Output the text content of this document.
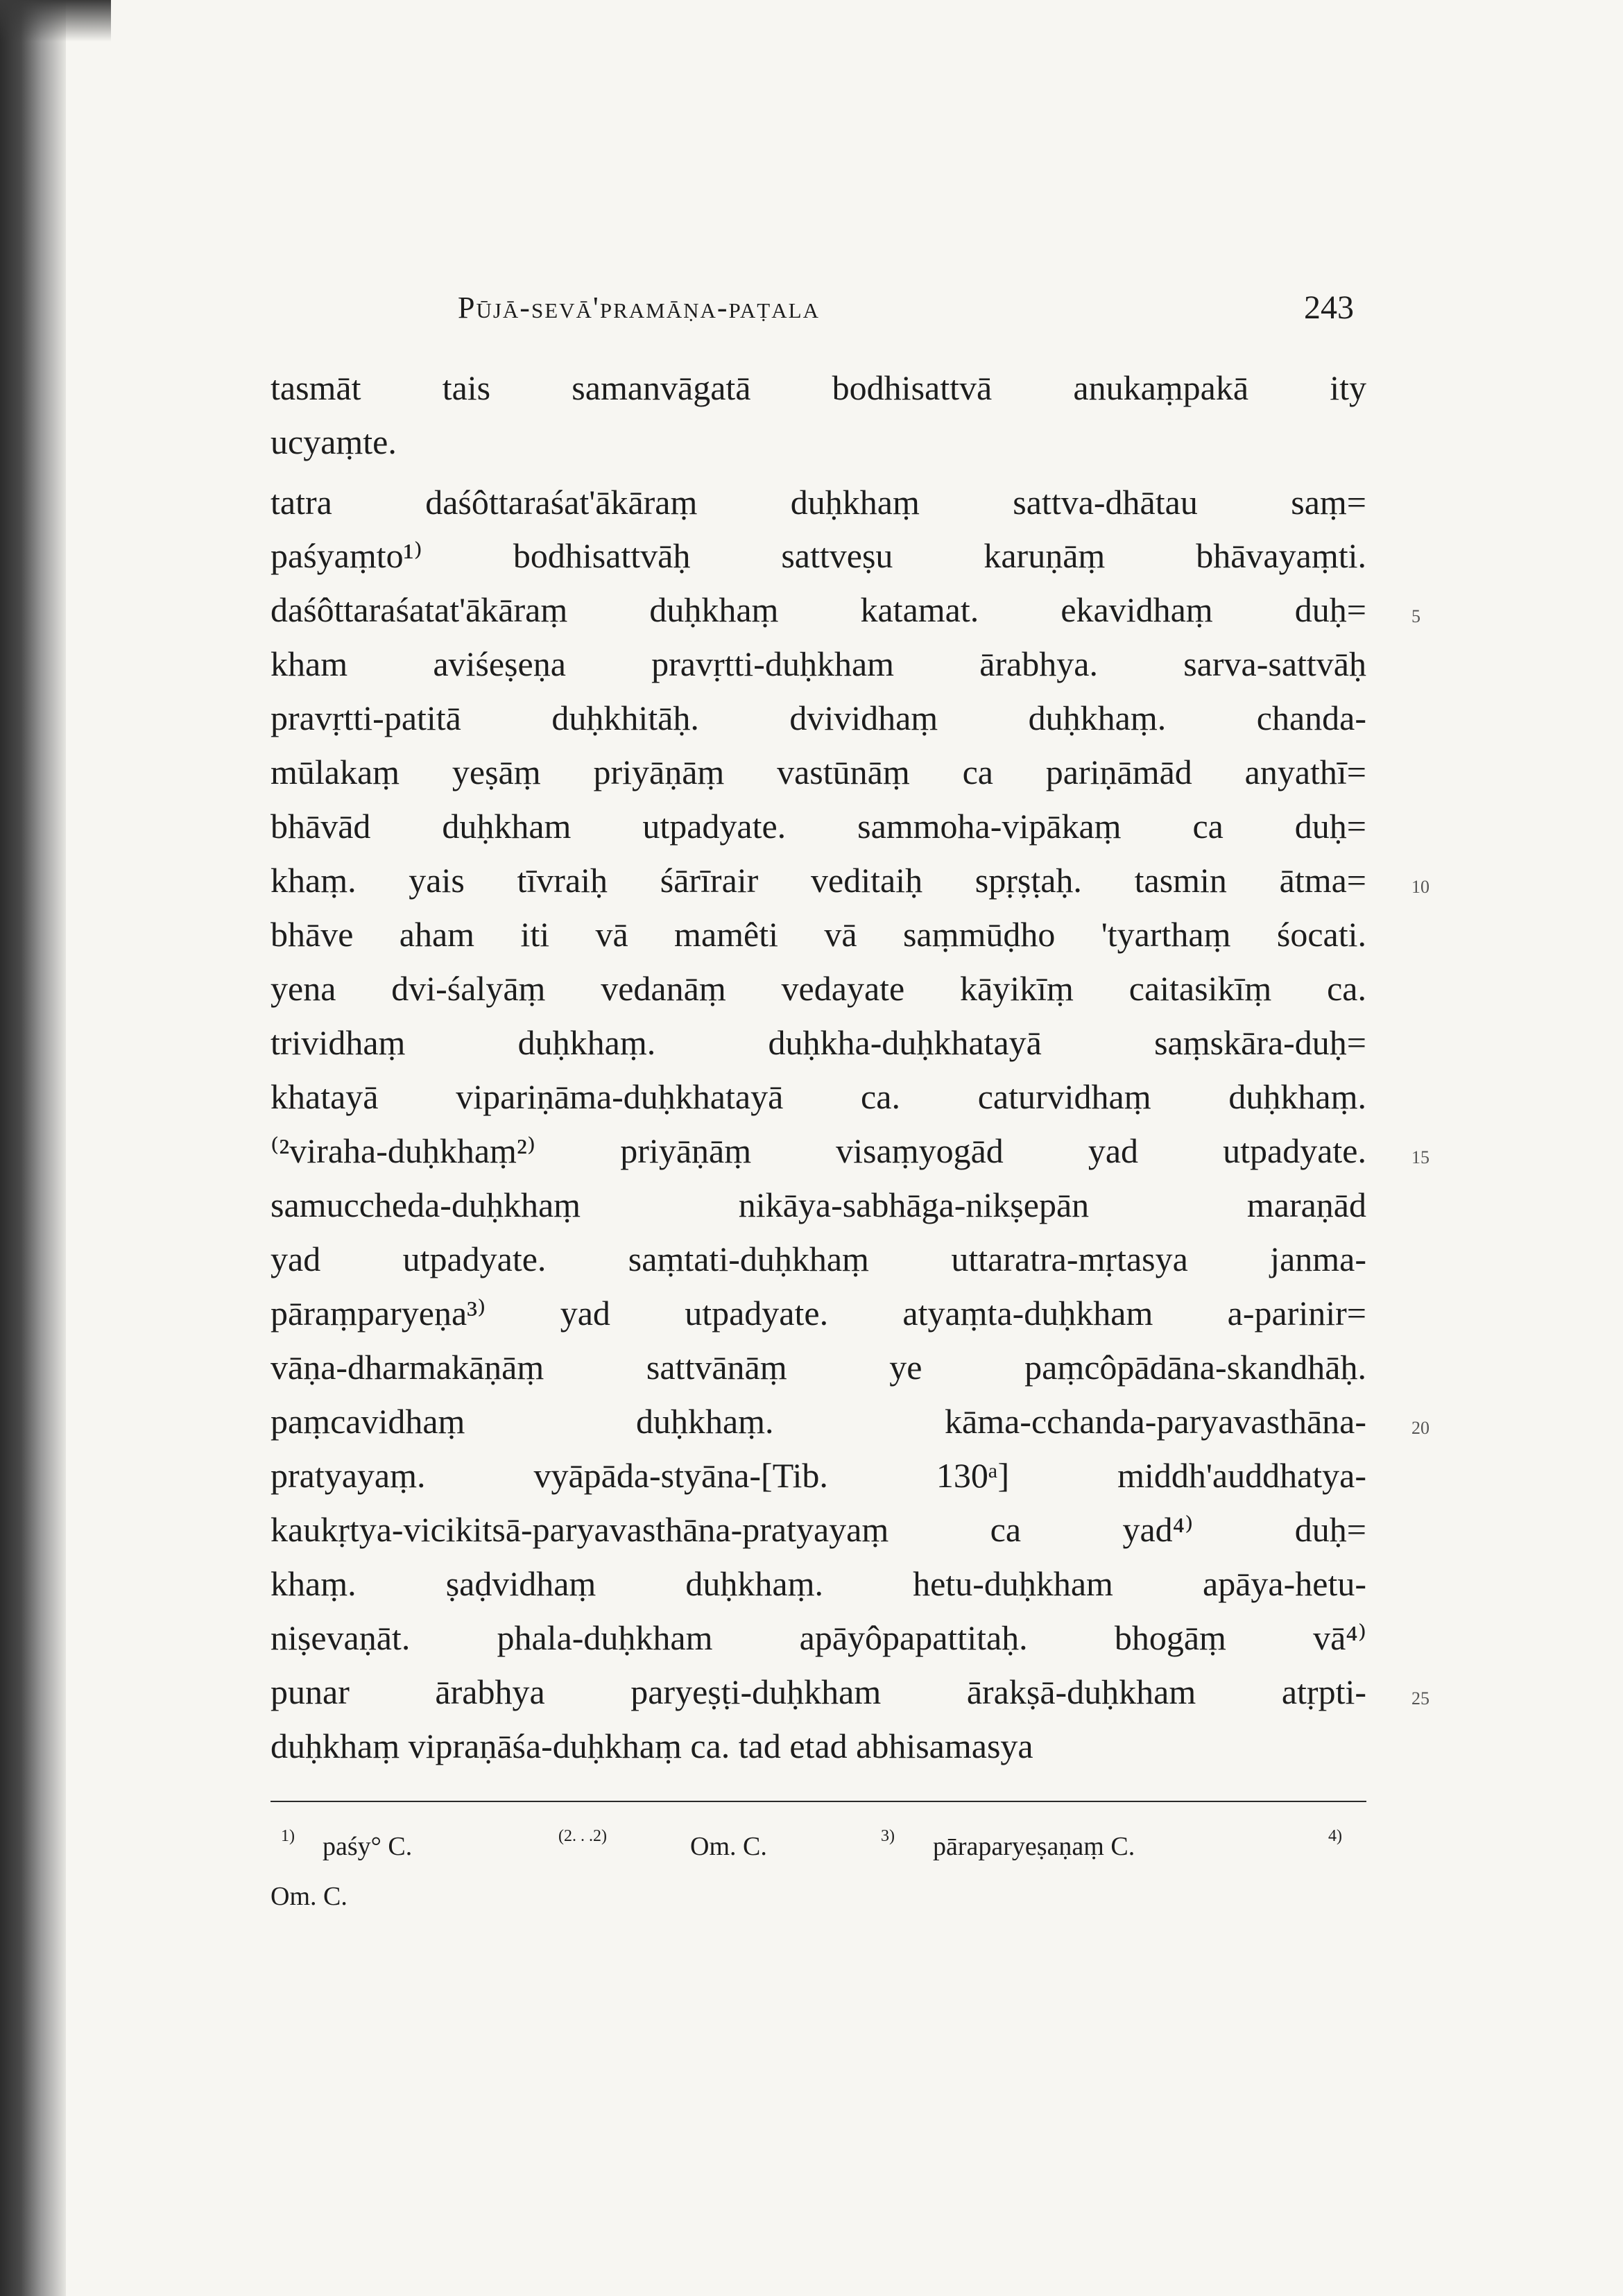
Pūjā-sevā'pramāṇa-paṭala	243
tasmāt tais samanvāgatā bodhisattvā anukaṃpakā ity
ucyaṃte.
tatra daśôttaraśat'ākāraṃ duḥkhaṃ sattva-dhātau saṃ=
paśyaṃto¹⁾ bodhisattvāḥ sattveṣu karuṇāṃ bhāvayaṃti.
daśôttaraśatat'ākāraṃ duḥkhaṃ katamat. ekavidhaṃ duḥ=
kham aviśeṣeṇa pravṛtti-duḥkham ārabhya. sarva-sattvāḥ
pravṛtti-patitā duḥkhitāḥ. dvividhaṃ duḥkhaṃ. chanda-
mūlakaṃ yeṣāṃ priyāṇāṃ vastūnāṃ ca pariṇāmād anyathī=
bhāvād duḥkham utpadyate. sammoha-vipākaṃ ca duḥ=
khaṃ. yais tīvraiḥ śārīrair veditaiḥ spṛṣṭaḥ. tasmin ātma=
bhāve aham iti vā mamêti vā saṃmūḍho 'tyarthaṃ śocati.
yena dvi-śalyāṃ vedanāṃ vedayate kāyikīṃ caitasikīṃ ca.
trividhaṃ duḥkhaṃ. duḥkha-duḥkhatayā saṃskāra-duḥ=
khatayā vipariṇāma-duḥkhatayā ca. caturvidhaṃ duḥkhaṃ.
⁽²viraha-duḥkhaṃ²⁾ priyāṇāṃ visaṃyogād yad utpadyate.
samuccheda-duḥkhaṃ nikāya-sabhāga-nikṣepān maraṇād
yad utpadyate. saṃtati-duḥkhaṃ uttaratra-mṛtasya janma-
pāraṃparyeṇa³⁾ yad utpadyate. atyaṃta-duḥkham a-parinir=
vāṇa-dharmakāṇāṃ sattvānāṃ ye paṃcôpādāna-skandhāḥ.
paṃcavidhaṃ duḥkhaṃ. kāma-cchanda-paryavasthāna-
pratyayaṃ. vyāpāda-styāna-[Tib. 130ᵃ] middh'auddhatya-
kaukṛtya-vicikitsā-paryavasthāna-pratyayaṃ ca yad⁴⁾ duḥ=
khaṃ. ṣaḍvidhaṃ duḥkhaṃ. hetu-duḥkham apāya-hetu-
niṣevaṇāt. phala-duḥkham apāyôpapattitaḥ. bhogāṃ vā⁴⁾
punar ārabhya paryeṣṭi-duḥkham ārakṣā-duḥkham atṛpti-
duḥkhaṃ vipraṇāśa-duḥkhaṃ ca. tad etad abhisamasya
5
10
15
20
25
1) paśy° C.	(2. . .2)	Om. C.	3) pāraparyeṣaṇaṃ C.	4)
Om. C.
